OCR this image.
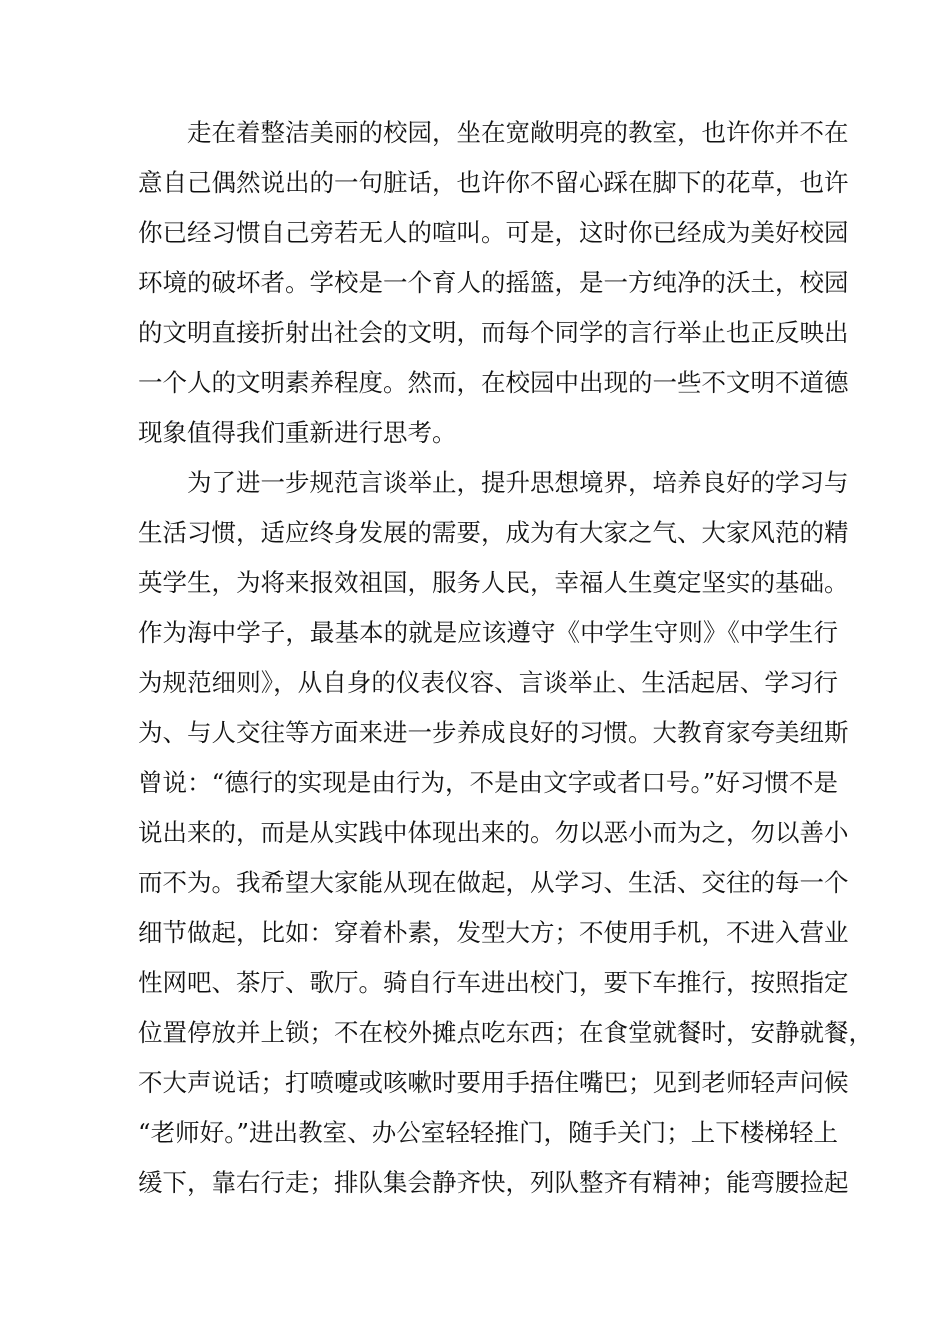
走在着整洁美丽的校园，坐在宽敞明亮的教室，也许你并不在
意自己偶然说出的一句脏话，也许你不留心踩在脚下的花草，也许
你已经习惯自己旁若无人的喧叫。可是，这时你已经成为美好校园
环境的破坏者。学校是一个育人的摇篮，是一方纯净的沃土，校园
的文明直接折射出社会的文明，而每个同学的言行举止也正反映出
一个人的文明素养程度。然而，在校园中出现的一些不文明不道德
现象值得我们重新进行思考。
为了进一步规范言谈举止，提升思想境界，培养良好的学习与
生活习惯，适应终身发展的需要，成为有大家之气、大家风范的精
英学生，为将来报效祖国，服务人民，幸福人生奠定坚实的基础。
作为海中学子，最基本的就是应该遵守《中学生守则》《中学生行
为规范细则》，从自身的仪表仪容、言谈举止、生活起居、学习行
为、与人交往等方面来进一步养成良好的习惯。大教育家夸美纽斯
曾说：“德行的实现是由行为，不是由文字或者口号。”好习惯不是
说出来的，而是从实践中体现出来的。勿以恶小而为之，勿以善小
而不为。我希望大家能从现在做起，从学习、生活、交往的每一个
细节做起，比如：穿着朴素，发型大方；不使用手机，不进入营业
性网吧、茶厅、歌厅。骑自行车进出校门，要下车推行，按照指定
位置停放并上锁；不在校外摊点吃东西；在食堂就餐时，安静就餐，
不大声说话；打喷嚏或咳嗽时要用手捂住嘴巴；见到老师轻声问候
“老师好。”进出教室、办公室轻轻推门，随手关门；上下楼梯轻上
缓下，靠右行走；排队集会静齐快，列队整齐有精神；能弯腰捡起
